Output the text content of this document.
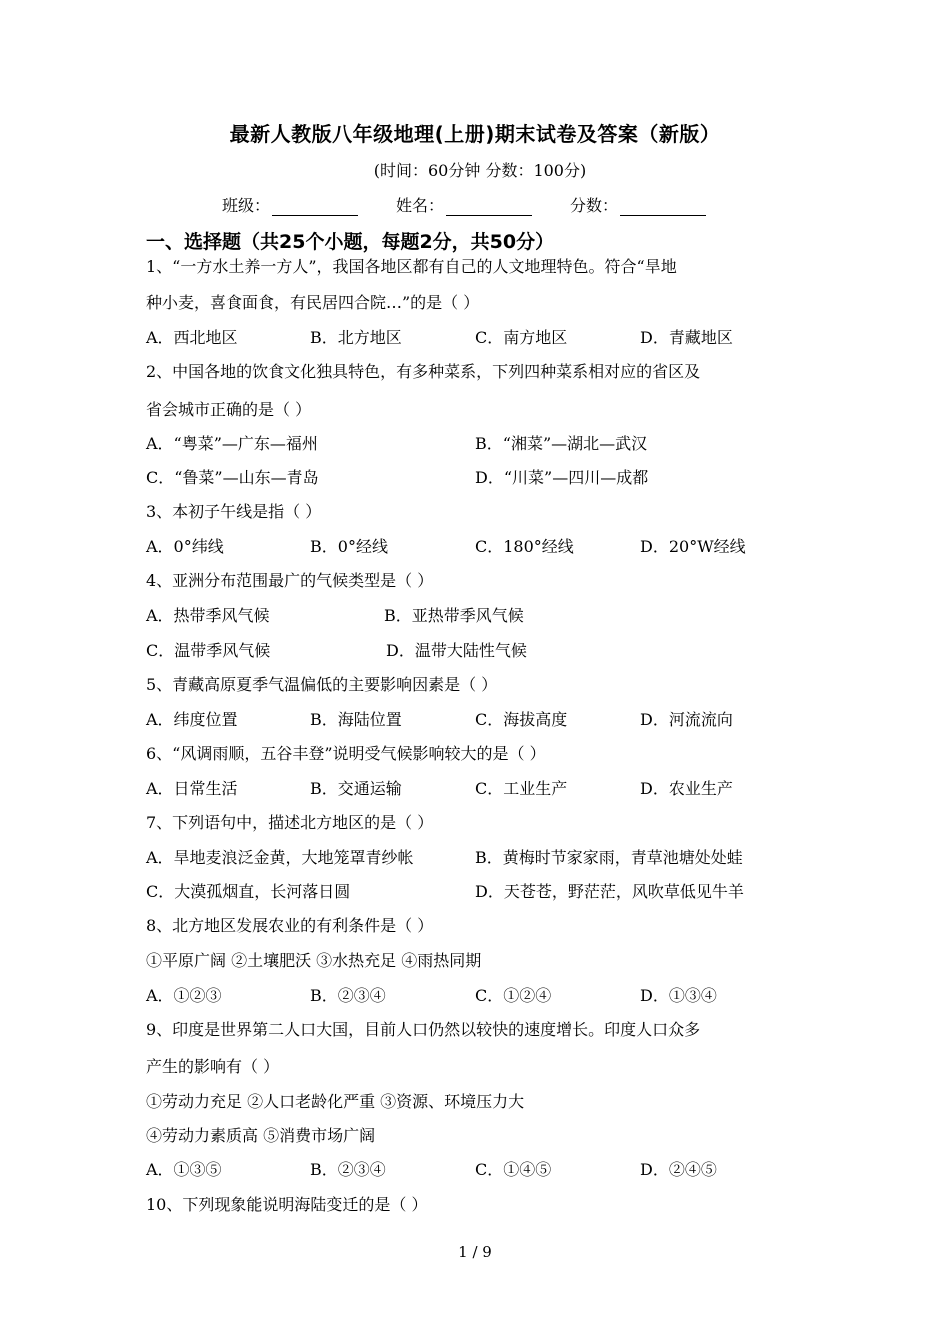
最新人教版八年级地理(上册)期末试卷及答案（新版）
(时间：60分钟 分数：100分)
班级：	姓名：	分数：
一、选择题（共25个小题，每题2分，共50分）
1、“一方水土养一方人”，我国各地区都有自己的人文地理特色。符合“旱地
种小麦，喜食面食，有民居四合院…”的是（ ）
A．西北地区	B．北方地区	C．南方地区	D．青藏地区
2、中国各地的饮食文化独具特色，有多种菜系，下列四种菜系相对应的省区及
省会城市正确的是（ ）
A．“粤菜”—广东—福州	B．“湘菜”—湖北—武汉
C．“鲁菜”—山东—青岛	D．“川菜”—四川—成都
3、本初子午线是指（ ）
A．0°纬线	B．0°经线	C．180°经线	D．20°W经线
4、亚洲分布范围最广的气候类型是（ ）
A．热带季风气候	B．亚热带季风气候
C．温带季风气候	D．温带大陆性气候
5、青藏高原夏季气温偏低的主要影响因素是（ ）
A．纬度位置	B．海陆位置	C．海拔高度	D．河流流向
6、“风调雨顺，五谷丰登”说明受气候影响较大的是（ ）
A．日常生活	B．交通运输	C．工业生产	D．农业生产
7、下列语句中，描述北方地区的是（ ）
A．旱地麦浪泛金黄，大地笼罩青纱帐	B．黄梅时节家家雨，青草池塘处处蛙
C．大漠孤烟直，长河落日圆	D．天苍苍，野茫茫，风吹草低见牛羊
8、北方地区发展农业的有利条件是（ ）
①平原广阔 ②土壤肥沃 ③水热充足 ④雨热同期
A．①②③	B．②③④	C．①②④	D．①③④
9、印度是世界第二人口大国，目前人口仍然以较快的速度增长。印度人口众多
产生的影响有（ ）
①劳动力充足 ②人口老龄化严重 ③资源、环境压力大
④劳动力素质高 ⑤消费市场广阔
A．①③⑤	B．②③④	C．①④⑤	D．②④⑤
10、下列现象能说明海陆变迁的是（ ）
1 / 9
